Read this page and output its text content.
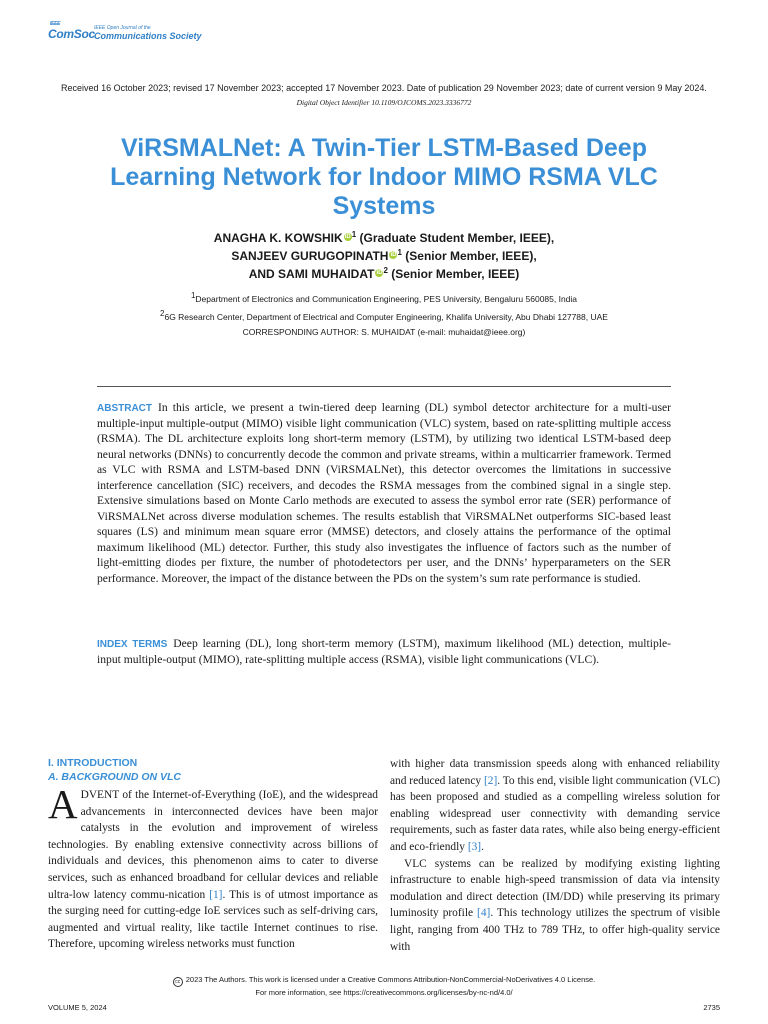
IEEE
ComSoc IEEE Open Journal of the
Communications Society
Received 16 October 2023; revised 17 November 2023; accepted 17 November 2023. Date of publication 29 November 2023; date of current version 9 May 2024.
Digital Object Identifier 10.1109/OJCOMS.2023.3336772
ViRSMALNet: A Twin-Tier LSTM-Based Deep Learning Network for Indoor MIMO RSMA VLC Systems
ANAGHA K. KOWSHIK $iD^1$ (Graduate Student Member, IEEE),
SANJEEV GURUGOPINATH $iD^1$ (Senior Member, IEEE),
AND SAMI MUHAIDAT $iD^2$ (Senior Member, IEEE)
$^1$Department of Electronics and Communication Engineering, PES University, Bengaluru 560085, India
$^2$6G Research Center, Department of Electrical and Computer Engineering, Khalifa University, Abu Dhabi 127788, UAE
CORRESPONDING AUTHOR: S. MUHAIDAT (e-mail: muhaidat@ieee.org)

ABSTRACT In this article, we present a twin-tiered deep learning (DL) symbol detector architecture for a multi-user multiple-input multiple-output (MIMO) visible light communication (VLC) system, based on rate-splitting multiple access (RSMA). The DL architecture exploits long short-term memory (LSTM), by utilizing two identical LSTM-based deep neural networks (DNNs) to concurrently decode the common and private streams, within a multicarrier framework. Termed as VLC with RSMA and LSTM-based DNN (ViRSMALNet), this detector overcomes the limitations in successive interference cancellation (SIC) receivers, and decodes the RSMA messages from the combined signal in a single step. Extensive simulations based on Monte Carlo methods are executed to assess the symbol error rate (SER) performance of ViRSMALNet across diverse modulation schemes. The results establish that ViRSMALNet outperforms SIC-based least squares (LS) and minimum mean square error (MMSE) detectors, and closely attains the performance of the optimal maximum likelihood (ML) detector. Further, this study also investigates the influence of factors such as the number of light-emitting diodes per fixture, the number of photodetectors per user, and the DNNs’ hyperparameters on the SER performance. Moreover, the impact of the distance between the PDs on the system’s sum rate performance is studied.

INDEX TERMS Deep learning (DL), long short-term memory (LSTM), maximum likelihood (ML) detection, multiple-input multiple-output (MIMO), rate-splitting multiple access (RSMA), visible light communications (VLC).

I. INTRODUCTION
A. BACKGROUND ON VLC

ADVENT of the Internet-of-Everything (IoE), and the widespread advancements in interconnected devices have been major catalysts in the evolution and improvement of wireless technologies. By enabling extensive connectivity across billions of individuals and devices, this phenomenon aims to cater to diverse services, such as enhanced broadband for cellular devices and reliable ultra-low latency commu-nication [1]. This is of utmost importance as the surging need for cutting-edge IoE services such as self-driving cars, augmented and virtual reality, like tactile Internet continues to rise. Therefore, upcoming wireless networks must function

with higher data transmission speeds along with enhanced reliability and reduced latency [2]. To this end, visible light communication (VLC) has been proposed and studied as a compelling wireless solution for enabling widespread user connectivity with demanding service requirements, such as faster data rates, while also being energy-efficient and eco-friendly [3].

VLC systems can be realized by modifying existing lighting infrastructure to enable high-speed transmission of data via intensity modulation and direct detection (IM/DD) while preserving its primary luminosity profile [4]. This technology utilizes the spectrum of visible light, ranging from 400 THz to 789 THz, to offer high-quality service with

cc 2023 The Authors. This work is licensed under a Creative Commons Attribution-NonCommercial-NoDerivatives 4.0 License.
For more information, see https://creativecommons.org/licenses/by-nc-nd/4.0/
VOLUME 5, 2024	2735
